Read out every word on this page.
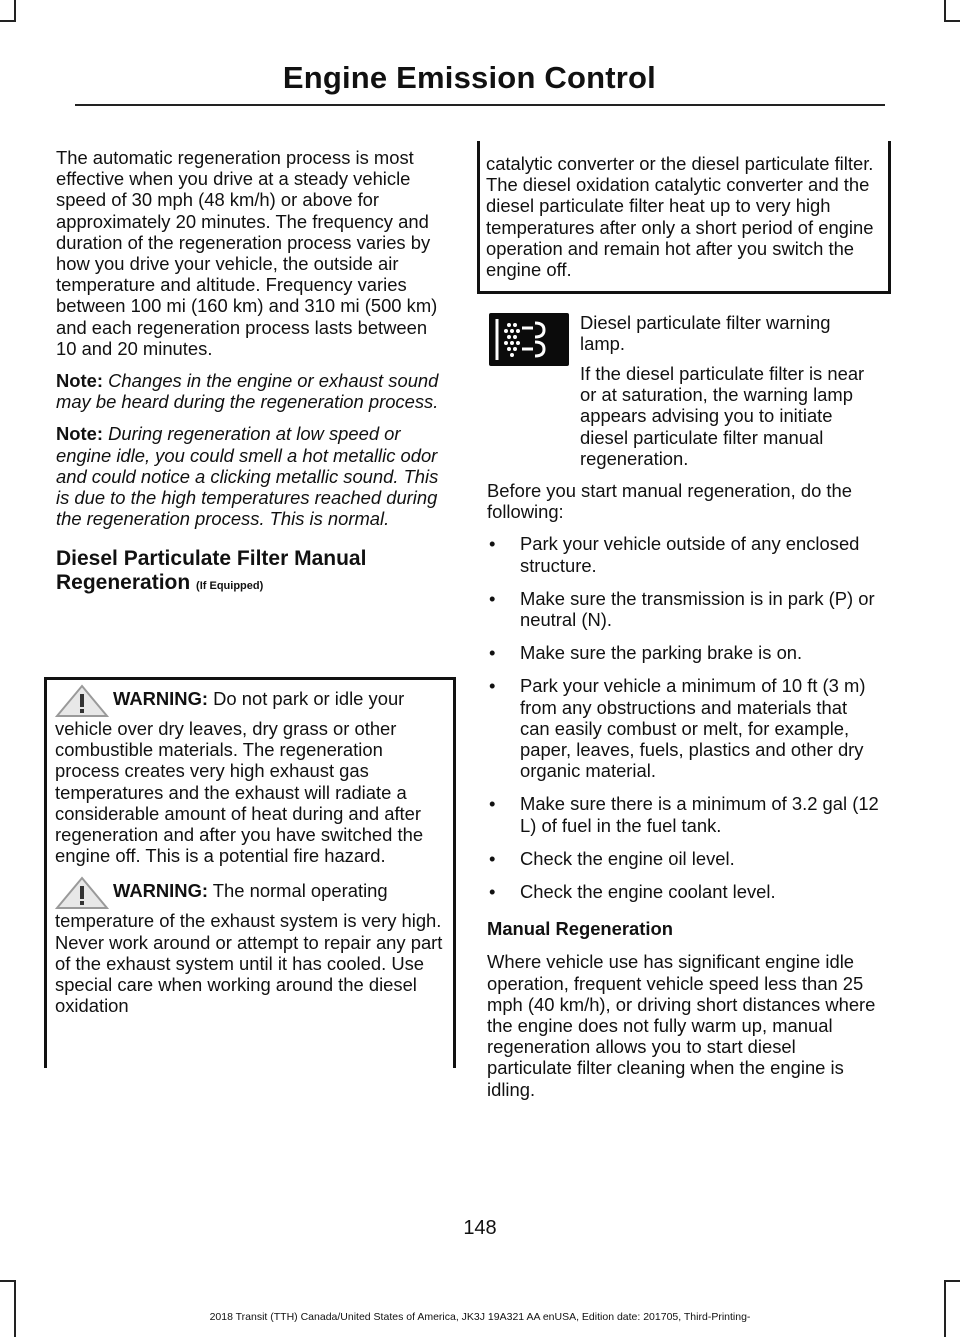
Engine Emission Control

The automatic regeneration process is most effective when you drive at a steady vehicle speed of 30 mph (48 km/h) or above for approximately 20 minutes. The frequency and duration of the regeneration process varies by how you drive your vehicle, the outside air temperature and altitude. Frequency varies between 100 mi (160 km) and 310 mi (500 km) and each regeneration process lasts between 10 and 20 minutes.

Note: Changes in the engine or exhaust sound may be heard during the regeneration process.

Note: During regeneration at low speed or engine idle, you could smell a hot metallic odor and could notice a clicking metallic sound. This is due to the high temperatures reached during the regeneration process. This is normal.

Diesel Particulate Filter Manual Regeneration (If Equipped)
WARNING: Do not park or idle your vehicle over dry leaves, dry grass or other combustible materials. The regeneration process creates very high exhaust gas temperatures and the exhaust will radiate a considerable amount of heat during and after regeneration and after you have switched the engine off. This is a potential fire hazard.
WARNING: The normal operating temperature of the exhaust system is very high. Never work around or attempt to repair any part of the exhaust system until it has cooled. Use special care when working around the diesel oxidation
catalytic converter or the diesel particulate filter. The diesel oxidation catalytic converter and the diesel particulate filter heat up to very high temperatures after only a short period of engine operation and remain hot after you switch the engine off.
Diesel particulate filter warning lamp.

If the diesel particulate filter is near or at saturation, the warning lamp appears advising you to initiate diesel particulate filter manual regeneration.

Before you start manual regeneration, do the following:

• Park your vehicle outside of any enclosed structure.
• Make sure the transmission is in park (P) or neutral (N).
• Make sure the parking brake is on.
• Park your vehicle a minimum of 10 ft (3 m) from any obstructions and materials that can easily combust or melt, for example, paper, leaves, fuels, plastics and other dry organic material.
• Make sure there is a minimum of 3.2 gal (12 L) of fuel in the fuel tank.
• Check the engine oil level.
• Check the engine coolant level.
Manual Regeneration

Where vehicle use has significant engine idle operation, frequent vehicle speed less than 25 mph (40 km/h), or driving short distances where the engine does not fully warm up, manual regeneration allows you to start diesel particulate filter cleaning when the engine is idling.

148
2018 Transit (TTH) Canada/United States of America, JK3J 19A321 AA enUSA, Edition date: 201705, Third-Printing-
